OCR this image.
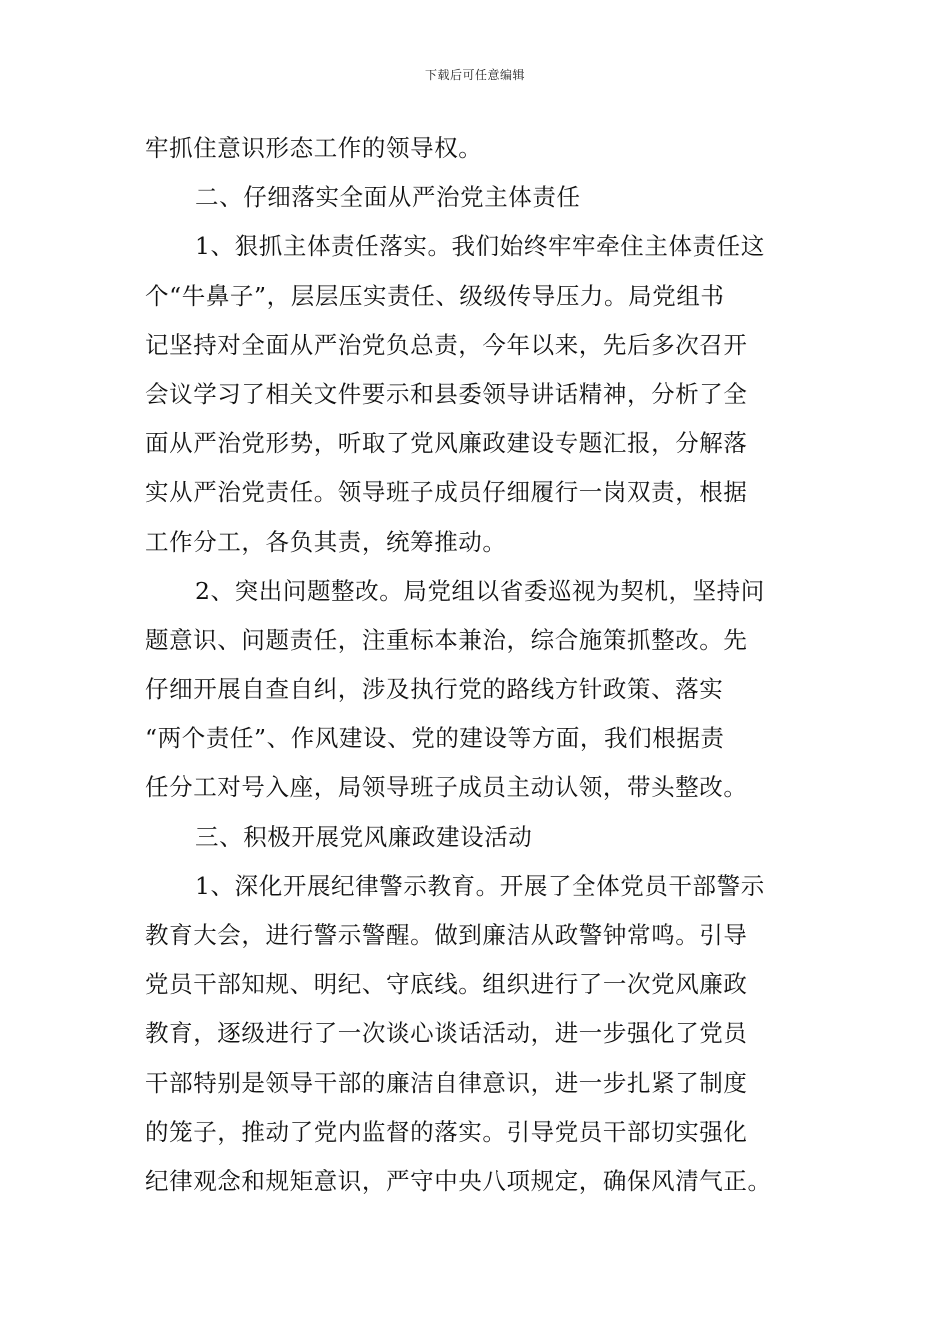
下载后可任意编辑
牢抓住意识形态工作的领导权。
二、仔细落实全面从严治党主体责任
1、狠抓主体责任落实。我们始终牢牢牵住主体责任这
个“牛鼻子”，层层压实责任、级级传导压力。局党组书
记坚持对全面从严治党负总责，今年以来，先后多次召开
会议学习了相关文件要示和县委领导讲话精神，分析了全
面从严治党形势，听取了党风廉政建设专题汇报，分解落
实从严治党责任。领导班子成员仔细履行一岗双责，根据
工作分工，各负其责，统筹推动。
2、突出问题整改。局党组以省委巡视为契机，坚持问
题意识、问题责任，注重标本兼治，综合施策抓整改。先
仔细开展自查自纠，涉及执行党的路线方针政策、落实
“两个责任”、作风建设、党的建设等方面，我们根据责
任分工对号入座，局领导班子成员主动认领，带头整改。
三、积极开展党风廉政建设活动
1、深化开展纪律警示教育。开展了全体党员干部警示
教育大会，进行警示警醒。做到廉洁从政警钟常鸣。引导
党员干部知规、明纪、守底线。组织进行了一次党风廉政
教育，逐级进行了一次谈心谈话活动，进一步强化了党员
干部特别是领导干部的廉洁自律意识，进一步扎紧了制度
的笼子，推动了党内监督的落实。引导党员干部切实强化
纪律观念和规矩意识，严守中央八项规定，确保风清气正。
